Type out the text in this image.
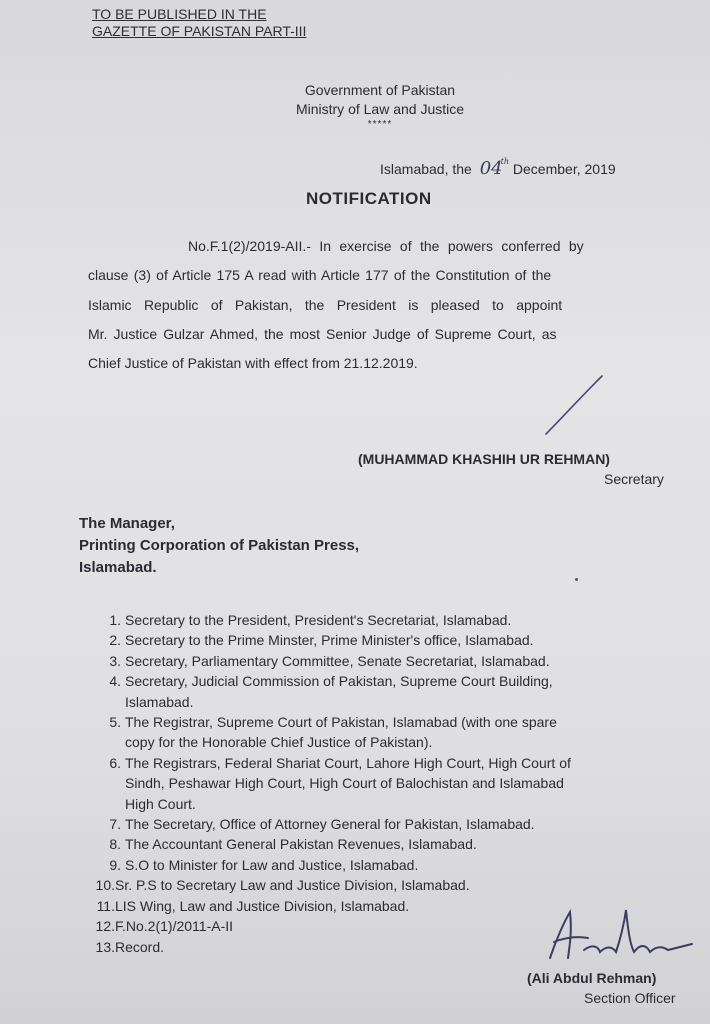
TO BE PUBLISHED IN THE
GAZETTE OF PAKISTAN PART-III
Government of Pakistan
Ministry of Law and Justice
*****
Islamabad, the 04th December, 2019
NOTIFICATION
No.F.1(2)/2019-AII.- In exercise of the powers conferred by
clause (3) of Article 175 A read with Article 177 of the Constitution of the
Islamic Republic of Pakistan, the President is pleased to appoint
Mr. Justice Gulzar Ahmed, the most Senior Judge of Supreme Court, as
Chief Justice of Pakistan with effect from 21.12.2019.
(MUHAMMAD KHASHIH UR REHMAN)
Secretary
The Manager,
Printing Corporation of Pakistan Press,
Islamabad.
1. Secretary to the President, President's Secretariat, Islamabad.
2. Secretary to the Prime Minster, Prime Minister's office, Islamabad.
3. Secretary, Parliamentary Committee, Senate Secretariat, Islamabad.
4. Secretary, Judicial Commission of Pakistan, Supreme Court Building,
Islamabad.
5. The Registrar, Supreme Court of Pakistan, Islamabad (with one spare
copy for the Honorable Chief Justice of Pakistan).
6. The Registrars, Federal Shariat Court, Lahore High Court, High Court of
Sindh, Peshawar High Court, High Court of Balochistan and Islamabad
High Court.
7. The Secretary, Office of Attorney General for Pakistan, Islamabad.
8. The Accountant General Pakistan Revenues, Islamabad.
9. S.O to Minister for Law and Justice, Islamabad.
10. Sr. P.S to Secretary Law and Justice Division, Islamabad.
11. LIS Wing, Law and Justice Division, Islamabad.
12. F.No.2(1)/2011-A-II
13. Record.
(Ali Abdul Rehman)
Section Officer
